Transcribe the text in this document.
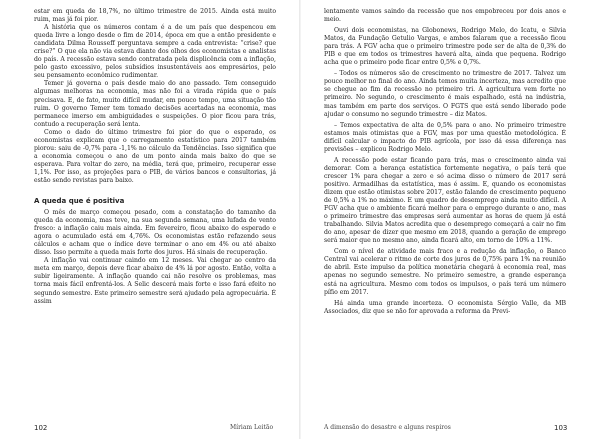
estar em queda de 18,7%, no último trimestre de 2015. Ainda está muito ruim, mas já foi pior.

A história que os números contam é a de um país que despencou em queda livre a longo desde o fim de 2014, época em que a então presidente e candidata Dilma Rousseff perguntava sempre a cada entrevista: “crise? que crise?” O que ela não via estava diante dos olhos dos economistas e analistas do país. A recessão estava sendo contratada pela displicência com a inflação, pelo gasto excessivo, pelos subsídios insustentáveis aos empresários, pelo seu pensamento econômico rudimentar.

Temer já governa o país desde maio do ano passado. Tem conseguido algumas melhoras na economia, mas não foi a virada rápida que o país precisava. E, de fato, muito difícil mudar, em pouco tempo, uma situação tão ruim. O governo Temer tem tomado decisões acertadas na economia, mas permanece imerso em ambiguidades e suspeições. O pior ficou para trás, contudo a recuperação será lenta.

Como o dado do último trimestre foi pior do que o esperado, os economistas explicam que o carregamento estatístico para 2017 também piorou: saiu de -0,7% para -1,1% no cálculo da Tendências. Isso significa que a economia começou o ano de um ponto ainda mais baixo do que se esperava. Para voltar do zero, na média, terá que, primeiro, recuperar esse 1,1%. Por isso, as projeções para o PIB, de vários bancos e consultorias, já estão sendo revistas para baixo.

A queda que é positiva

O mês de março começou pesado, com a constatação do tamanho da queda da economia, mas teve, na sua segunda semana, uma lufada de vento fresco: a inflação caiu mais ainda. Em fevereiro, ficou abaixo do esperado e agora o acumulado está em 4,76%. Os economistas estão refazendo seus cálculos e acham que o índice deve terminar o ano em 4% ou até abaixo disso. Isso permite a queda mais forte dos juros. Há sinais de recuperação.

A inflação vai continuar caindo em 12 meses. Vai chegar ao centro da meta em março, depois deve ficar abaixo de 4% lá por agosto. Então, volta a subir ligeiramente. A inflação quando cai não resolve os problemas, mas torna mais fácil enfrentá-los. A Selic descerá mais forte e isso fará efeito no segundo semestre. Este primeiro semestre será ajudado pela agropecuária. É assim

lentamente vamos saindo da recessão que nos empobreceu por dois anos e meio.

Ouvi dois economistas, na Globonews, Rodrigo Melo, do Icatu, e Silvia Matos, da Fundação Getulio Vargas, e ambos falaram que a recessão ficou para trás. A FGV acha que o primeiro trimestre pode ser de alta de 0,3% do PIB e que em todos os trimestres haverá alta, ainda que pequena. Rodrigo acha que o primeiro pode ficar entre 0,5% e 0,7%.

– Todos os números são de crescimento no trimestre de 2017. Talvez um pouco melhor no final do ano. Ainda temos muita incerteza, mas acredito que se chegue ao fim da recessão no primeiro tri. A agricultura vem forte no primeiro. No segundo, o crescimento é mais espalhado, está na indústria, mas também em parte dos serviços. O FGTS que está sendo liberado pode ajudar o consumo no segundo trimestre – diz Matos.

– Temos expectativa de alta de 0,5% para o ano. No primeiro trimestre estamos mais otimistas que a FGV, mas por uma questão metodológica. É difícil calcular o impacto do PIB agrícola, por isso dá essa diferença nas previsões – explicou Rodrigo Melo.

A recessão pode estar ficando para trás, mas o crescimento ainda vai demorar. Com a herança estatística fortemente negativa, o país terá que crescer 1% para chegar a zero e só acima disso o número de 2017 será positivo. Armadilhas da estatística, mas é assim. E, quando os economistas dizem que estão otimistas sobre 2017, estão falando de crescimento pequeno de 0,5% a 1% no máximo. E um quadro de desemprego ainda muito difícil. A FGV acha que o ambiente ficará melhor para o emprego durante o ano, mas o primeiro trimestre das empresas será aumentar as horas de quem já está trabalhando. Silvia Matos acredita que o desemprego começará a cair no fim do ano, apesar de dizer que mesmo em 2018, quando a geração de emprego será maior que no mesmo ano, ainda ficará alto, em torno de 10% a 11%.

Com o nível de atividade mais fraco e a redução da inflação, o Banco Central vai acelerar o ritmo de corte dos juros de 0,75% para 1% na reunião de abril. Este impulso da política monetária chegará à economia real, mas apenas no segundo semestre. No primeiro semestre, a grande esperança está na agricultura. Mesmo com todos os impulsos, o país terá um número pífio em 2017.

Há ainda uma grande incerteza. O economista Sérgio Valle, da MB Associados, diz que se não for aprovada a reforma da Previ-

102	Míriam Leitão	A dimensão do desastre e alguns respiros	103
